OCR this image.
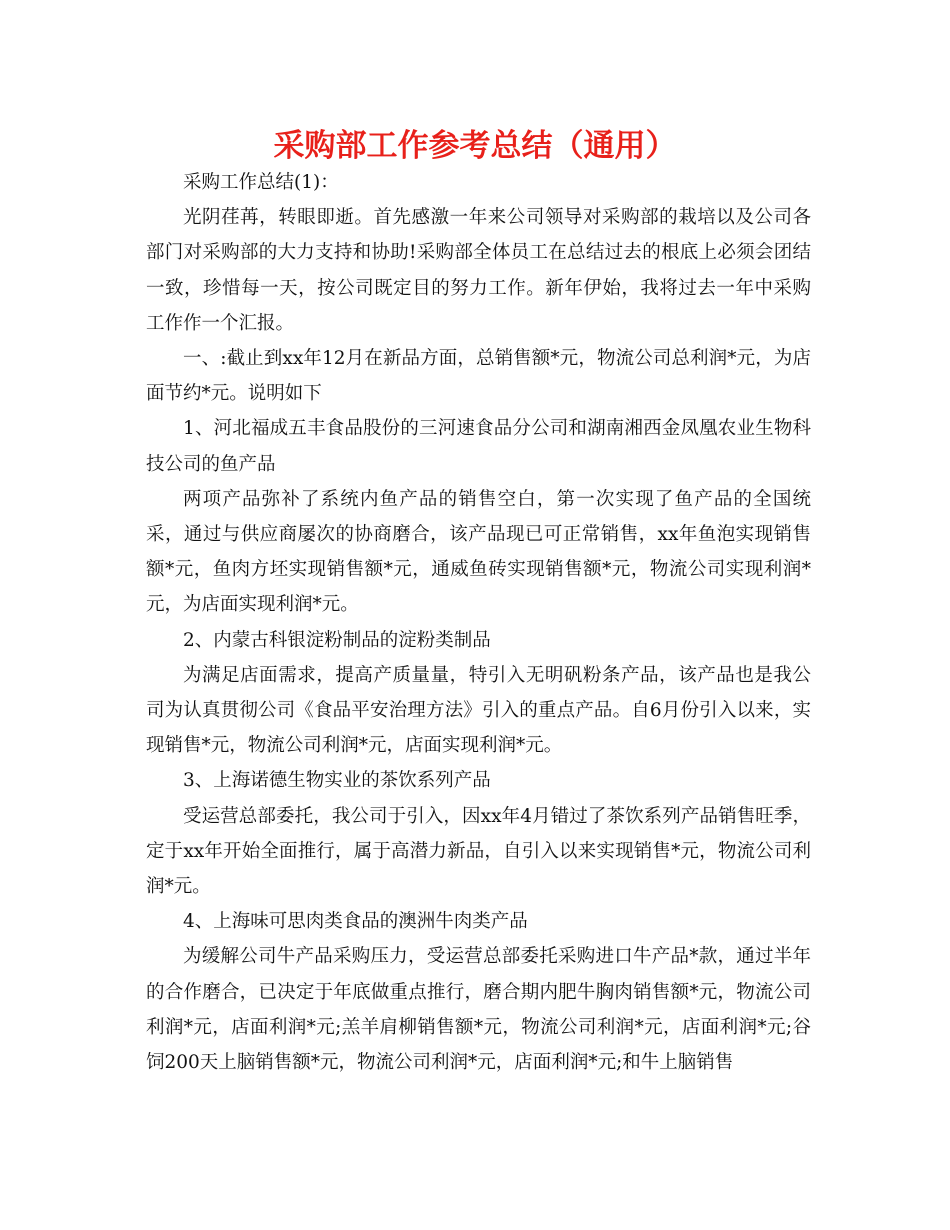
采购部工作参考总结（通用）

采购工作总结(1)：

光阴荏苒，转眼即逝。首先感激一年来公司领导对采购部的栽培以及公司各部门对采购部的大力支持和协助!采购部全体员工在总结过去的根底上必须会团结一致，珍惜每一天，按公司既定目的努力工作。新年伊始，我将过去一年中采购工作作一个汇报。

一、:截止到xx年12月在新品方面，总销售额*元，物流公司总利润*元，为店面节约*元。说明如下

1、河北福成五丰食品股份的三河速食品分公司和湖南湘西金凤凰农业生物科技公司的鱼产品

两项产品弥补了系统内鱼产品的销售空白，第一次实现了鱼产品的全国统采，通过与供应商屡次的协商磨合，该产品现已可正常销售，xx年鱼泡实现销售额*元，鱼肉方坯实现销售额*元，通威鱼砖实现销售额*元，物流公司实现利润*元，为店面实现利润*元。

2、内蒙古科银淀粉制品的淀粉类制品

为满足店面需求，提高产质量量，特引入无明矾粉条产品，该产品也是我公司为认真贯彻公司《食品平安治理方法》引入的重点产品。自6月份引入以来，实现销售*元，物流公司利润*元，店面实现利润*元。

3、上海诺德生物实业的茶饮系列产品

受运营总部委托，我公司于引入，因xx年4月错过了茶饮系列产品销售旺季，定于xx年开始全面推行，属于高潜力新品，自引入以来实现销售*元，物流公司利润*元。

4、上海味可思肉类食品的澳洲牛肉类产品

为缓解公司牛产品采购压力，受运营总部委托采购进口牛产品*款，通过半年的合作磨合，已决定于年底做重点推行，磨合期内肥牛胸肉销售额*元，物流公司利润*元，店面利润*元;羔羊肩柳销售额*元，物流公司利润*元，店面利润*元;谷饲200天上脑销售额*元，物流公司利润*元，店面利润*元;和牛上脑销售
